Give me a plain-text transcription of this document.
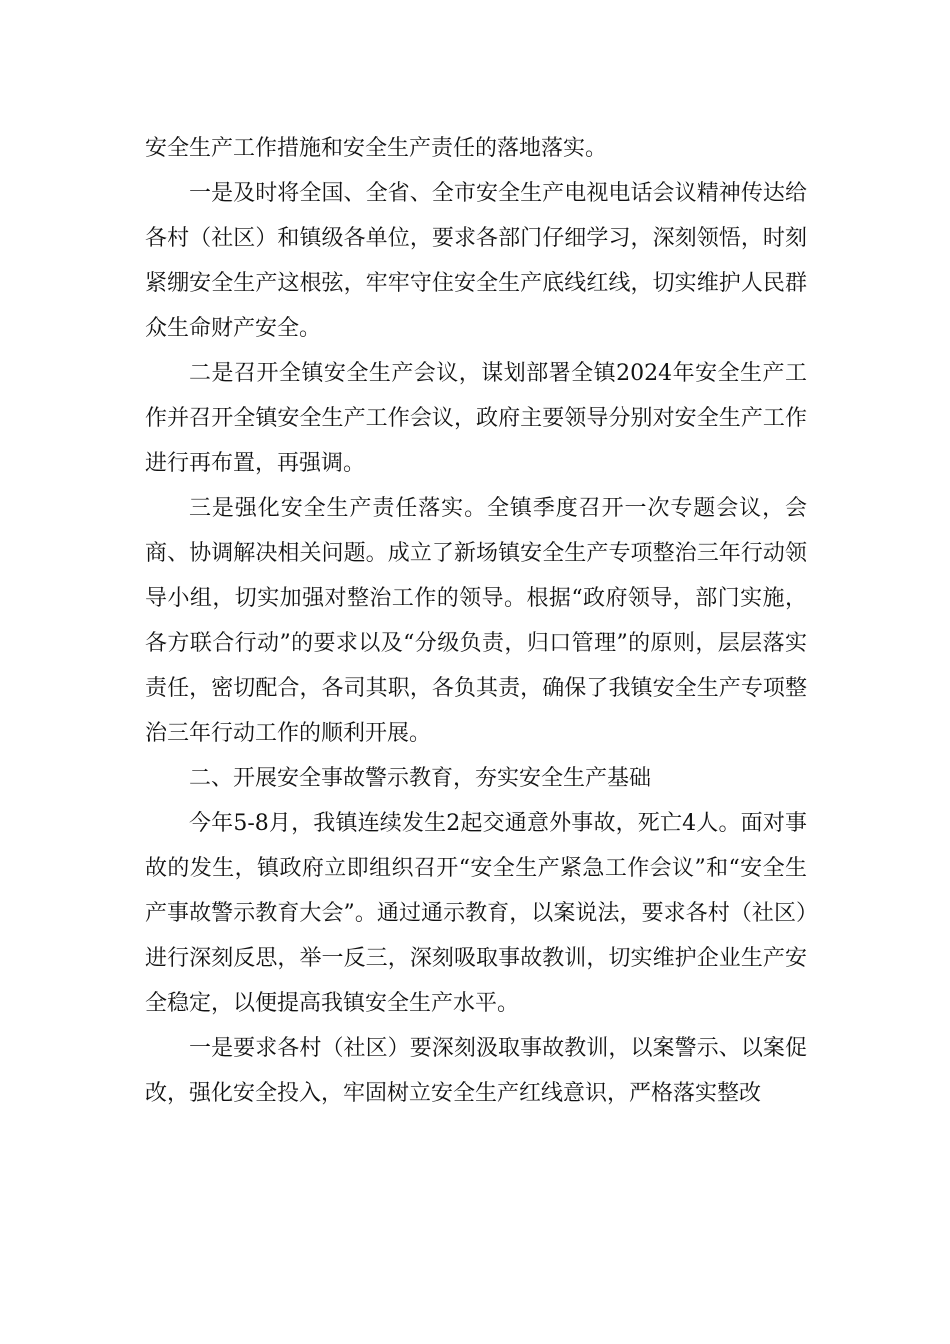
安全生产工作措施和安全生产责任的落地落实。

一是及时将全国、全省、全市安全生产电视电话会议精神传达给各村（社区）和镇级各单位，要求各部门仔细学习，深刻领悟，时刻紧绷安全生产这根弦，牢牢守住安全生产底线红线，切实维护人民群众生命财产安全。

二是召开全镇安全生产会议，谋划部署全镇2024年安全生产工作并召开全镇安全生产工作会议，政府主要领导分别对安全生产工作进行再布置，再强调。

三是强化安全生产责任落实。全镇季度召开一次专题会议，会商、协调解决相关问题。成立了新场镇安全生产专项整治三年行动领导小组，切实加强对整治工作的领导。根据“政府领导，部门实施，各方联合行动”的要求以及“分级负责，归口管理”的原则，层层落实责任，密切配合，各司其职，各负其责，确保了我镇安全生产专项整治三年行动工作的顺利开展。

二、开展安全事故警示教育，夯实安全生产基础

今年5-8月，我镇连续发生2起交通意外事故，死亡4人。面对事故的发生，镇政府立即组织召开“安全生产紧急工作会议”和“安全生产事故警示教育大会”。通过通示教育，以案说法，要求各村（社区）进行深刻反思，举一反三，深刻吸取事故教训，切实维护企业生产安全稳定，以便提高我镇安全生产水平。

一是要求各村（社区）要深刻汲取事故教训，以案警示、以案促改，强化安全投入，牢固树立安全生产红线意识，严格落实整改
